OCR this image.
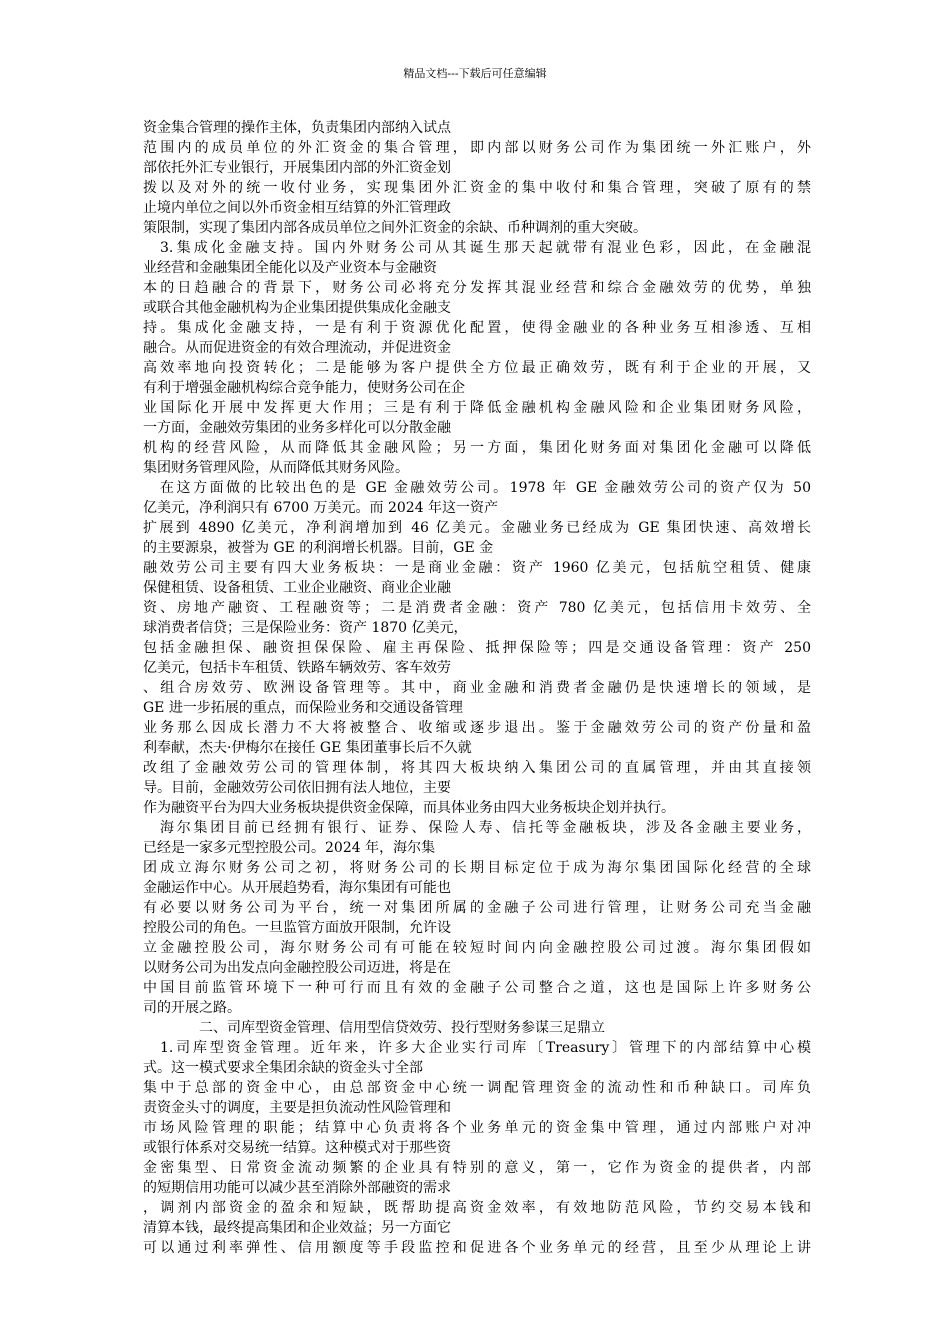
精品文档---下载后可任意编辑
资金集合管理的操作主体，负责集团内部纳入试点
范围内的成员单位的外汇资金的集合管理，即内部以财务公司作为集团统一外汇账户，外
部依托外汇专业银行，开展集团内部的外汇资金划
拨以及对外的统一收付业务，实现集团外汇资金的集中收付和集合管理，突破了原有的禁
止境内单位之间以外币资金相互结算的外汇管理政
策限制，实现了集团内部各成员单位之间外汇资金的余缺、币种调剂的重大突破。
3.集成化金融支持。国内外财务公司从其诞生那天起就带有混业色彩，因此，在金融混
业经营和金融集团全能化以及产业资本与金融资
本的日趋融合的背景下，财务公司必将充分发挥其混业经营和综合金融效劳的优势，单独
或联合其他金融机构为企业集团提供集成化金融支
持。集成化金融支持，一是有利于资源优化配置，使得金融业的各种业务互相渗透、互相
融合。从而促进资金的有效合理流动，并促进资金
高效率地向投资转化；二是能够为客户提供全方位最正确效劳，既有利于企业的开展，又
有利于增强金融机构综合竞争能力，使财务公司在企
业国际化开展中发挥更大作用；三是有利于降低金融机构金融风险和企业集团财务风险，
一方面，金融效劳集团的业务多样化可以分散金融
机构的经营风险，从而降低其金融风险；另一方面，集团化财务面对集团化金融可以降低
集团财务管理风险，从而降低其财务风险。
在这方面做的比较出色的是 GE 金融效劳公司。1978 年 GE 金融效劳公司的资产仅为 50
亿美元，净利润只有 6700 万美元。而 2024 年这一资产
扩展到 4890 亿美元，净利润增加到 46 亿美元。金融业务已经成为 GE 集团快速、高效增长
的主要源泉，被誉为 GE 的利润增长机器。目前，GE 金
融效劳公司主要有四大业务板块：一是商业金融：资产 1960 亿美元，包括航空租赁、健康
保健租赁、设备租赁、工业企业融资、商业企业融
资、房地产融资、工程融资等；二是消费者金融：资产 780 亿美元，包括信用卡效劳、全
球消费者信贷；三是保险业务：资产 1870 亿美元，
包括金融担保、融资担保保险、雇主再保险、抵押保险等；四是交通设备管理：资产 250
亿美元，包括卡车租赁、铁路车辆效劳、客车效劳
、组合房效劳、欧洲设备管理等。其中，商业金融和消费者金融仍是快速增长的领域，是
GE 进一步拓展的重点，而保险业务和交通设备管理
业务那么因成长潜力不大将被整合、收缩或逐步退出。鉴于金融效劳公司的资产份量和盈
利奉献，杰夫·伊梅尔在接任 GE 集团董事长后不久就
改组了金融效劳公司的管理体制，将其四大板块纳入集团公司的直属管理，并由其直接领
导。目前，金融效劳公司依旧拥有法人地位，主要
作为融资平台为四大业务板块提供资金保障，而具体业务由四大业务板块企划并执行。
海尔集团目前已经拥有银行、证券、保险人寿、信托等金融板块，涉及各金融主要业务，
已经是一家多元型控股公司。2024 年，海尔集
团成立海尔财务公司之初，将财务公司的长期目标定位于成为海尔集团国际化经营的全球
金融运作中心。从开展趋势看，海尔集团有可能也
有必要以财务公司为平台，统一对集团所属的金融子公司进行管理，让财务公司充当金融
控股公司的角色。一旦监管方面放开限制，允许设
立金融控股公司，海尔财务公司有可能在较短时间内向金融控股公司过渡。海尔集团假如
以财务公司为出发点向金融控股公司迈进，将是在
中国目前监管环境下一种可行而且有效的金融子公司整合之道，这也是国际上许多财务公
司的开展之路。
二、司库型资金管理、信用型信贷效劳、投行型财务参谋三足鼎立
1.司库型资金管理。近年来，许多大企业实行司库〔Treasury〕管理下的内部结算中心模
式。这一模式要求全集团余缺的资金头寸全部
集中于总部的资金中心，由总部资金中心统一调配管理资金的流动性和币种缺口。司库负
责资金头寸的调度，主要是担负流动性风险管理和
市场风险管理的职能；结算中心负责将各个业务单元的资金集中管理，通过内部账户对冲
或银行体系对交易统一结算。这种模式对于那些资
金密集型、日常资金流动频繁的企业具有特别的意义，第一，它作为资金的提供者，内部
的短期信用功能可以减少甚至消除外部融资的需求
，调剂内部资金的盈余和短缺，既帮助提高资金效率，有效地防范风险，节约交易本钱和
清算本钱，最终提高集团和企业效益；另一方面它
可以通过利率弹性、信用额度等手段监控和促进各个业务单元的经营，且至少从理论上讲
